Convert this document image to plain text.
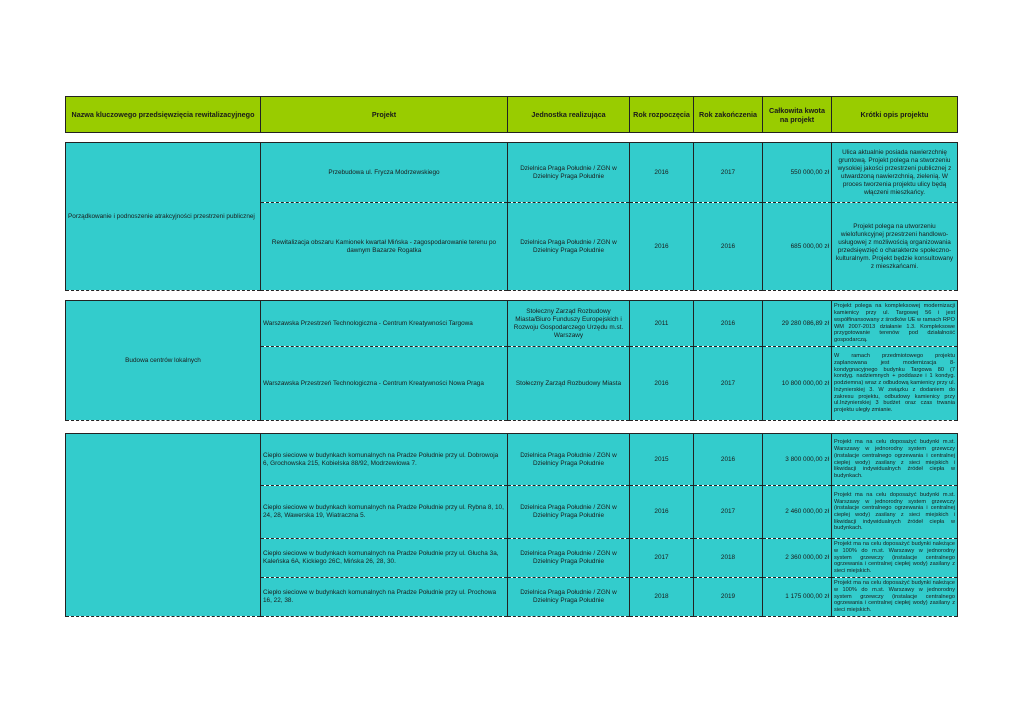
Nazwa kluczowego przedsięwzięcia rewitalizacyjnego	Projekt	Jednostka realizująca	Rok rozpoczęcia	Rok zakończenia	Całkowita kwota na projekt	Krótki opis projektu

Porządkowanie i podnoszenie atrakcyjności przestrzeni publicznej	Przebudowa ul. Frycza Modrzewskiego	Dzielnica Praga Południe / ZGN w Dzielnicy Praga Południe	2016	2017	550 000,00 zł	Ulica aktualnie posiada nawierzchnię gruntową. Projekt polega na stworzeniu wysokiej jakości przestrzeni publicznej z utwardzoną nawierzchnią, zielenią. W proces tworzenia projektu ulicy będą włączeni mieszkańcy.
	Rewitalizacja obszaru Kamionek kwartał Mińska - zagospodarowanie terenu po dawnym Bazarze Rogatka	Dzielnica Praga Południe / ZGN w Dzielnicy Praga Południe	2016	2016	685 000,00 zł	Projekt polega na utworzeniu wielofunkcyjnej przestrzeni handlowo-usługowej z możliwością organizowania przedsięwzięć o charakterze społeczno-kulturalnym. Projekt będzie konsultowany z mieszkańcami.

Budowa centrów lokalnych	Warszawska Przestrzeń Technologiczna - Centrum Kreatywności Targowa	Stołeczny Zarząd Rozbudowy Miasta/Biuro Funduszy Europejskich i Rozwoju Gospodarczego Urzędu m.st. Warszawy	2011	2016	29 280 086,89 zł	Projekt polega na kompleksowej modernizacji kamienicy przy ul. Targowej 56 i jest współfinansowany z środków UE w ramach RPO WM 2007-2013 działanie 1.3. Kompleksowe przygotowanie terenów pod działalność gospodarczą.
	Warszawska Przestrzeń Technologiczna - Centrum Kreatywności Nowa Praga	Stołeczny Zarząd Rozbudowy Miasta	2016	2017	10 800 000,00 zł	W ramach przedmiotowego projektu zaplanowana jest modernizacja 8-kondygnacyjnego budynku Targowa 80 (7 kondyg. nadziemnych + poddasze i 1 kondyg. podziemna) wraz z odbudową kamienicy przy ul. Inżynierskiej 3. W związku z dodaniem do zakresu projektu, odbudowy kamienicy przy ul.Inżynierskiej 3 budżet oraz czas trwania projektu uległy zmianie.

	Ciepło sieciowe w budynkach komunalnych na Pradze Południe przy ul. Dobrowoja 6, Grochowska 215, Kobielska 88/92, Modrzewiowa 7.	Dzielnica Praga Południe / ZGN w Dzielnicy Praga Południe	2015	2016	3 800 000,00 zł	Projekt ma na celu doposażyć budynki m.st. Warszawy w jednorodny system grzewczy (instalacje centralnego ogrzewania i centralnej ciepłej wody) zasilany z sieci miejskich i likwidacji indywidualnych źródeł ciepła w budynkach.
	Ciepło sieciowe w budynkach komunalnych na Pradze Południe przy ul. Rybna 8, 10, 24, 28, Wawerska 19, Wiatraczna 5.	Dzielnica Praga Południe / ZGN w Dzielnicy Praga Południe	2016	2017	2 460 000,00 zł	Projekt ma na celu doposażyć budynki m.st. Warszawy w jednorodny system grzewczy (instalacje centralnego ogrzewania i centralnej ciepłej wody) zasilany z sieci miejskich i likwidacji indywidualnych źródeł ciepła w budynkach.
	Ciepło sieciowe w budynkach komunalnych na Pradze Południe przy ul. Głucha 3a, Kaleńska 6A, Kickiego 26C, Mińska 26, 28, 30.	Dzielnica Praga Południe / ZGN w Dzielnicy Praga Południe	2017	2018	2 360 000,00 zł	Projekt ma na celu doposażyć budynki należące w 100% do m.st. Warszawy w jednorodny system grzewczy (instalacje centralnego ogrzewania i centralnej ciepłej wody) zasilany z sieci miejskich.
	Ciepło sieciowe w budynkach komunalnych na Pradze Południe przy ul. Prochowa 16, 22, 38.	Dzielnica Praga Południe / ZGN w Dzielnicy Praga Południe	2018	2019	1 175 000,00 zł	Projekt ma na celu doposażyć budynki należące w 100% do m.st. Warszawy w jednorodny system grzewczy (instalacje centralnego ogrzewania i centralnej ciepłej wody) zasilany z sieci miejskich.
